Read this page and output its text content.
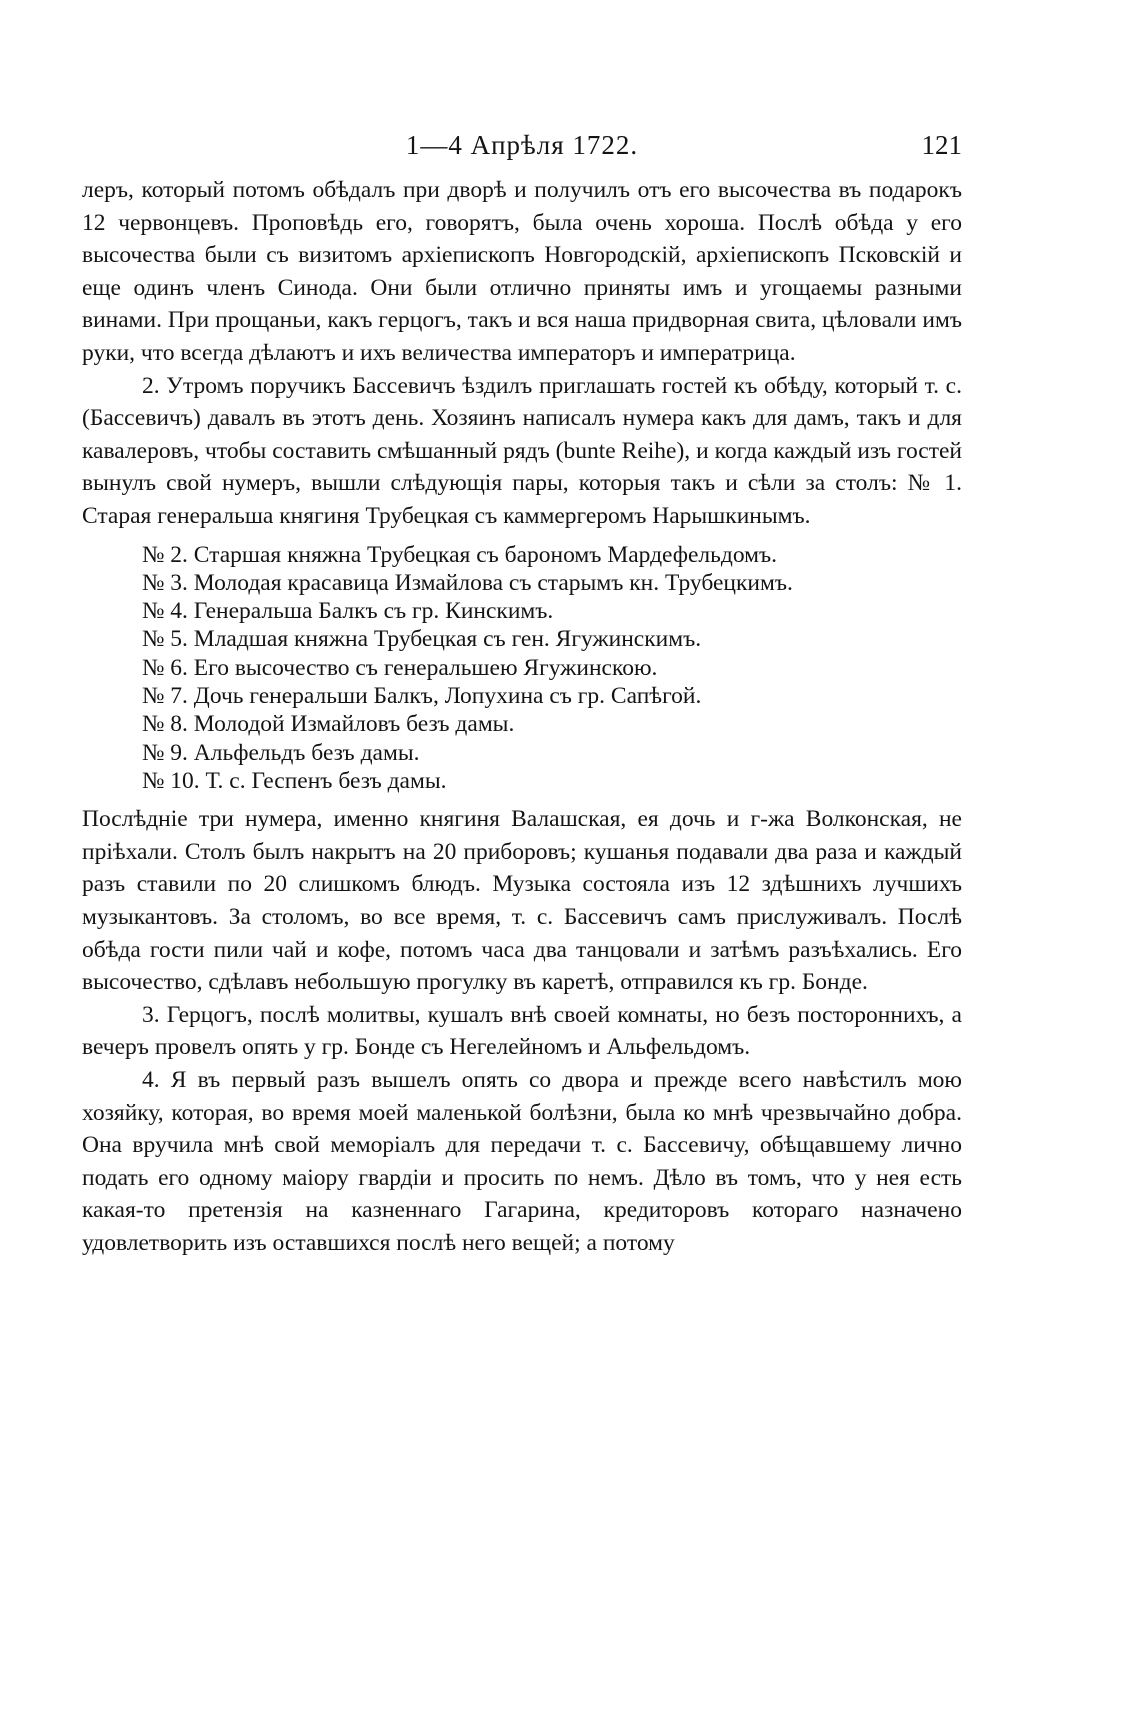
1—4 Апрѣля 1722.	121

леръ, который потомъ обѣдалъ при дворѣ и получилъ отъ его высочества въ подарокъ 12 червонцевъ. Проповѣдь его, говорятъ, была очень хороша. Послѣ обѣда у его высочества были съ визитомъ архіепископъ Новгородскій, архіепископъ Псковскій и еще одинъ членъ Синода. Они были отлично приняты имъ и угощаемы разными винами. При прощаньи, какъ герцогъ, такъ и вся наша придворная свита, цѣловали имъ руки, что всегда дѣлаютъ и ихъ величества императоръ и императрица.

2. Утромъ поручикъ Бассевичъ ѣздилъ приглашать гостей къ обѣду, который т. с. (Бассевичъ) давалъ въ этотъ день. Хозяинъ написалъ нумера какъ для дамъ, такъ и для кавалеровъ, чтобы составить смѣшанный рядъ (bunte Reihe), и когда каждый изъ гостей вынулъ свой нумеръ, вышли слѣдующія пары, которыя такъ и сѣли за столъ: № 1. Старая генеральша княгиня Трубецкая съ каммергеромъ Нарышкинымъ.

№ 2. Старшая княжна Трубецкая съ барономъ Мардефельдомъ.
№ 3. Молодая красавица Измайлова съ старымъ кн. Трубецкимъ.
№ 4. Генеральша Балкъ съ гр. Кинскимъ.
№ 5. Младшая княжна Трубецкая съ ген. Ягужинскимъ.
№ 6. Его высочество съ генеральшею Ягужинскою.
№ 7. Дочь генеральши Балкъ, Лопухина съ гр. Сапѣгой.
№ 8. Молодой Измайловъ безъ дамы.
№ 9. Альфельдъ безъ дамы.
№ 10. Т. с. Геспенъ безъ дамы.

Послѣдніе три нумера, именно княгиня Валашская, ея дочь и г-жа Волконская, не пріѣхали. Столъ былъ накрытъ на 20 приборовъ; кушанья подавали два раза и каждый разъ ставили по 20 слишкомъ блюдъ. Музыка состояла изъ 12 здѣшнихъ лучшихъ музыкантовъ. За столомъ, во все время, т. с. Бассевичъ самъ прислуживалъ. Послѣ обѣда гости пили чай и кофе, потомъ часа два танцовали и затѣмъ разъѣхались. Его высочество, сдѣлавъ небольшую прогулку въ каретѣ, отправился къ гр. Бонде.

3. Герцогъ, послѣ молитвы, кушалъ внѣ своей комнаты, но безъ постороннихъ, а вечеръ провелъ опять у гр. Бонде съ Негелейномъ и Альфельдомъ.

4. Я въ первый разъ вышелъ опять со двора и прежде всего навѣстилъ мою хозяйку, которая, во время моей маленькой болѣзни, была ко мнѣ чрезвычайно добра. Она вручила мнѣ свой меморіалъ для передачи т. с. Бассевичу, обѣщавшему лично подать его одному маіору гвардіи и просить по немъ. Дѣло въ томъ, что у нея есть какая-то претензія на казненнаго Гагарина, кредиторовъ котораго назначено удовлетворить изъ оставшихся послѣ него вещей; а потому
